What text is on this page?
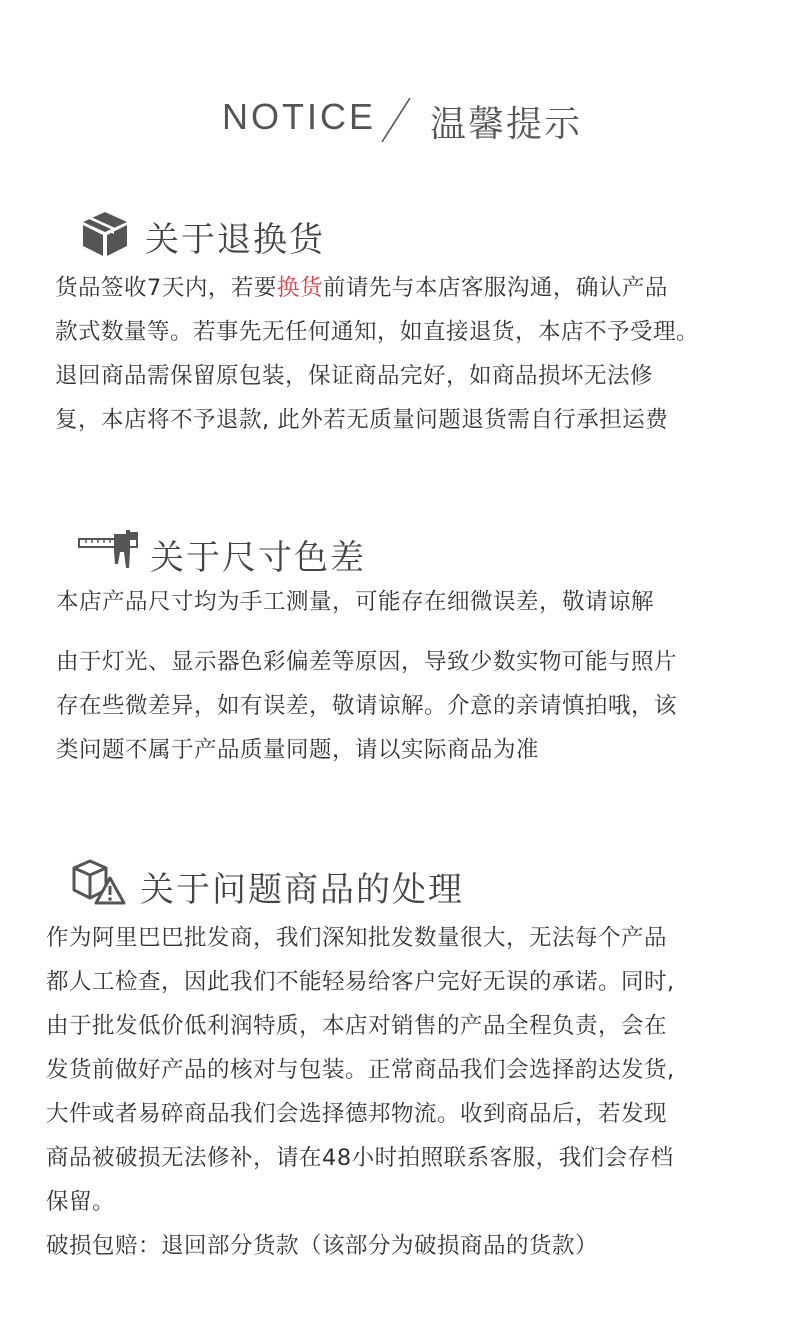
NOTICE 温馨提示
关于退换货
货品签收7天内，若要换货前请先与本店客服沟通，确认产品
款式数量等。若事先无任何通知，如直接退货，本店不予受理。
退回商品需保留原包装，保证商品完好，如商品损坏无法修
复，本店将不予退款, 此外若无质量问题退货需自行承担运费
关于尺寸色差
本店产品尺寸均为手工测量，可能存在细微误差，敬请谅解
由于灯光、显示器色彩偏差等原因，导致少数实物可能与照片
存在些微差异，如有误差，敬请谅解。介意的亲请慎拍哦，该
类问题不属于产品质量同题，请以实际商品为准
关于问题商品的处理
作为阿里巴巴批发商，我们深知批发数量很大，无法每个产品
都人工检查，因此我们不能轻易给客户完好无误的承诺。同时,
由于批发低价低利润特质，本店对销售的产品全程负责，会在
发货前做好产品的核对与包装。正常商品我们会选择韵达发货,
大件或者易碎商品我们会选择德邦物流。收到商品后，若发现
商品被破损无法修补，请在48小时拍照联系客服，我们会存档
保留。
破损包赔：退回部分货款（该部分为破损商品的货款）
